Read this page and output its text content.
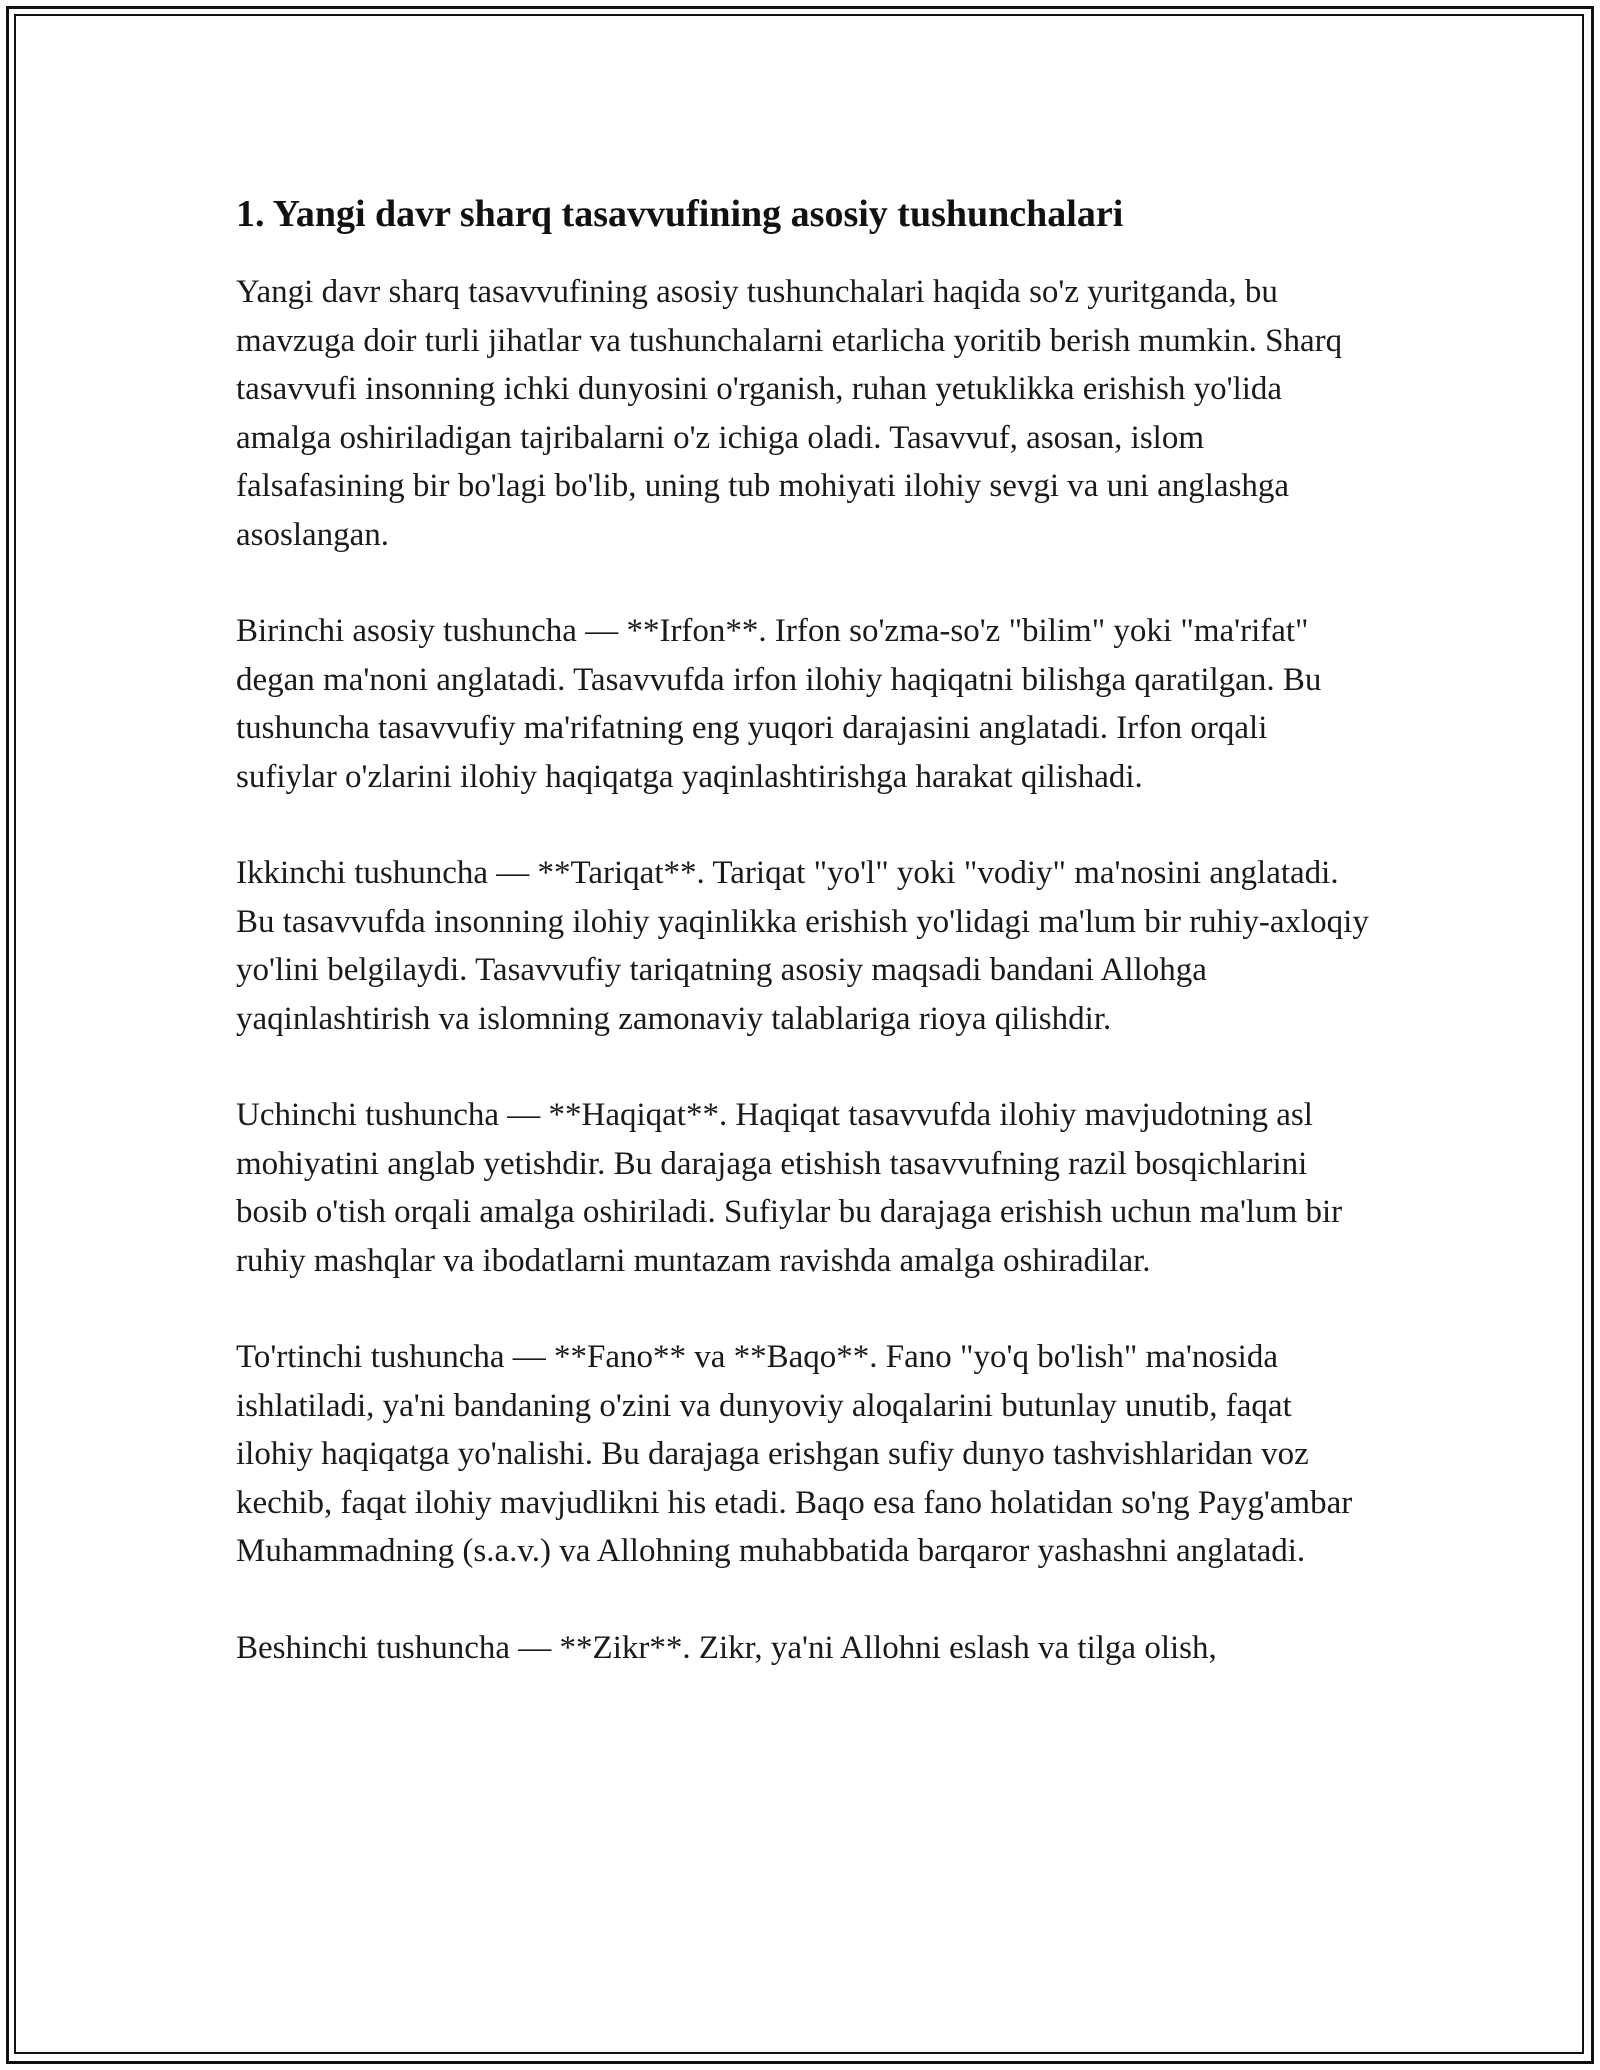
1. Yangi davr sharq tasavvufining asosiy tushunchalari

Yangi davr sharq tasavvufining asosiy tushunchalari haqida so'z yuritganda, bu mavzuga doir turli jihatlar va tushunchalarni etarlicha yoritib berish mumkin. Sharq tasavvufi insonning ichki dunyosini o'rganish, ruhan yetuklikka erishish yo'lida amalga oshiriladigan tajribalarni o'z ichiga oladi. Tasavvuf, asosan, islom falsafasining bir bo'lagi bo'lib, uning tub mohiyati ilohiy sevgi va uni anglashga asoslangan.

Birinchi asosiy tushuncha — **Irfon**. Irfon so'zma-so'z "bilim" yoki "ma'rifat" degan ma'noni anglatadi. Tasavvufda irfon ilohiy haqiqatni bilishga qaratilgan. Bu tushuncha tasavvufiy ma'rifatning eng yuqori darajasini anglatadi. Irfon orqali sufiylar o'zlarini ilohiy haqiqatga yaqinlashtirishga harakat qilishadi.

Ikkinchi tushuncha — **Tariqat**. Tariqat "yo'l" yoki "vodiy" ma'nosini anglatadi. Bu tasavvufda insonning ilohiy yaqinlikka erishish yo'lidagi ma'lum bir ruhiy-axloqiy yo'lini belgilaydi. Tasavvufiy tariqatning asosiy maqsadi bandani Allohga yaqinlashtirish va islomning zamonaviy talablariga rioya qilishdir.

Uchinchi tushuncha — **Haqiqat**. Haqiqat tasavvufda ilohiy mavjudotning asl mohiyatini anglab yetishdir. Bu darajaga etishish tasavvufning razil bosqichlarini bosib o'tish orqali amalga oshiriladi. Sufiylar bu darajaga erishish uchun ma'lum bir ruhiy mashqlar va ibodatlarni muntazam ravishda amalga oshiradilar.

To'rtinchi tushuncha — **Fano** va **Baqo**. Fano "yo'q bo'lish" ma'nosida ishlatiladi, ya'ni bandaning o'zini va dunyoviy aloqalarini butunlay unutib, faqat ilohiy haqiqatga yo'nalishi. Bu darajaga erishgan sufiy dunyo tashvishlaridan voz kechib, faqat ilohiy mavjudlikni his etadi. Baqo esa fano holatidan so'ng Payg'ambar Muhammadning (s.a.v.) va Allohning muhabbatida barqaror yashashni anglatadi.

Beshinchi tushuncha — **Zikr**. Zikr, ya'ni Allohni eslash va tilga olish,
